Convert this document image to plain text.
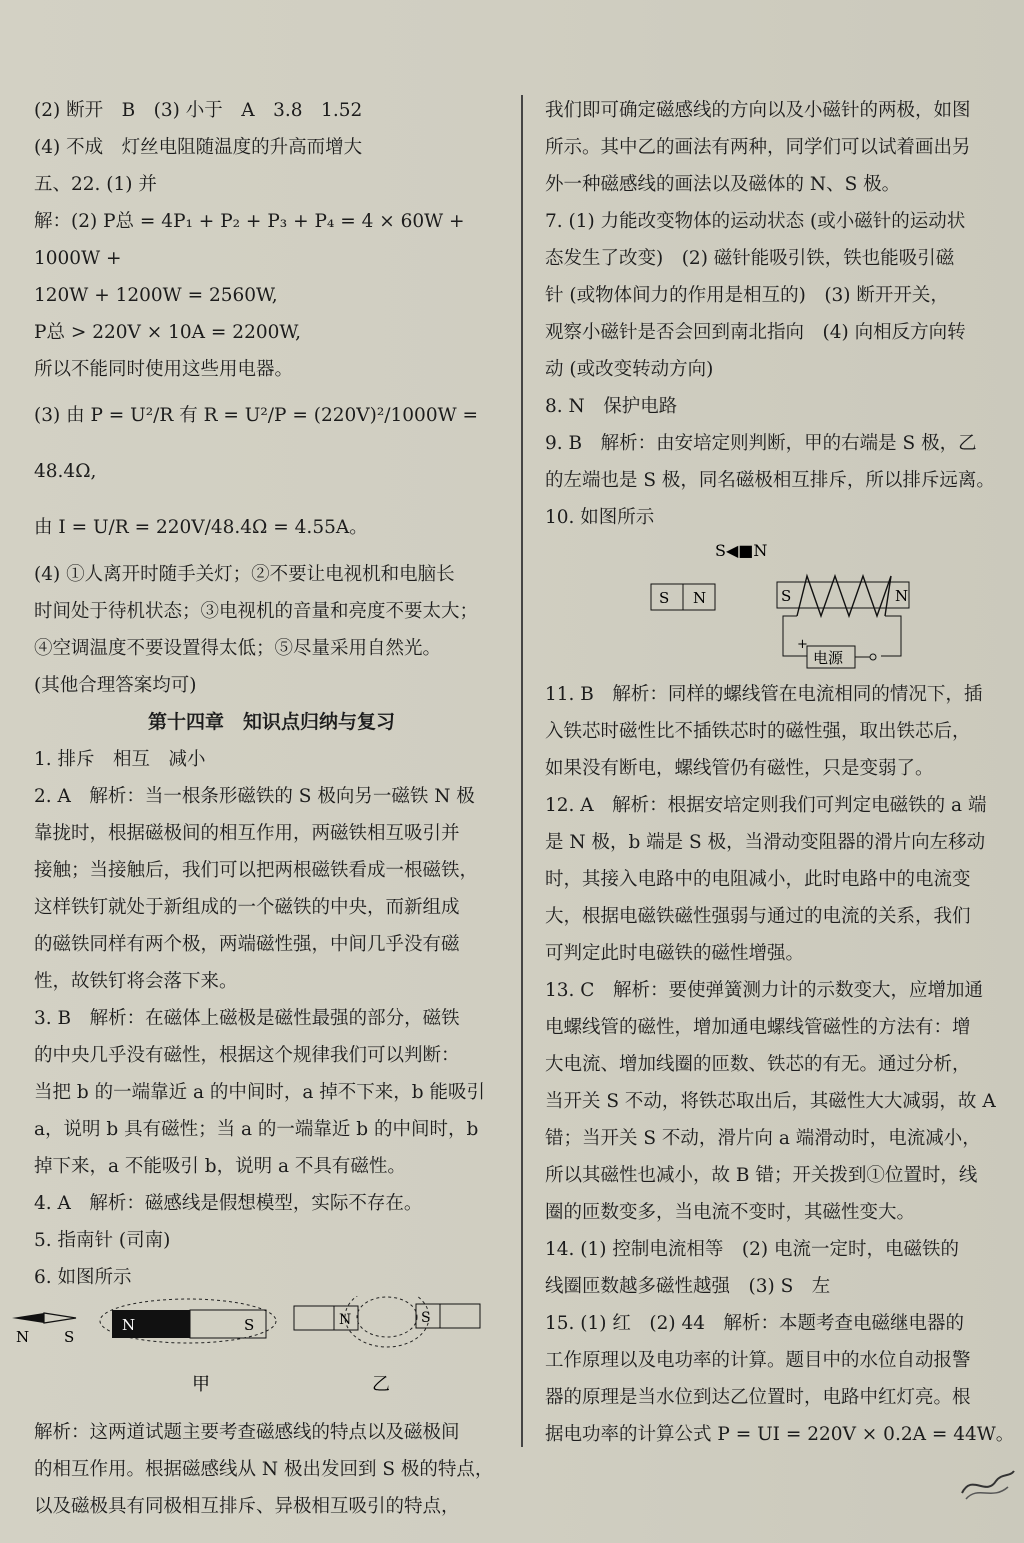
(2) 断开　B　(3) 小于　A　3.8　1.52

(4) 不成　灯丝电阻随温度的升高而增大

五、22. (1) 并

解：(2) P总 = 4P₁ + P₂ + P₃ + P₄ = 4 × 60W + 1000W +

120W + 1200W = 2560W,

P总 > 220V × 10A = 2200W,

所以不能同时使用这些用电器。

(3) 由 P = U²/R 有 R = U²/P = (220V)²/1000W = 48.4Ω,

由 I = U/R = 220V/48.4Ω = 4.55A。

(4) ①人离开时随手关灯；②不要让电视机和电脑长

时间处于待机状态；③电视机的音量和亮度不要太大；

④空调温度不要设置得太低；⑤尽量采用自然光。

(其他合理答案均可)

第十四章　知识点归纳与复习

1. 排斥　相互　减小

2. A　解析：当一根条形磁铁的 S 极向另一磁铁 N 极

靠拢时，根据磁极间的相互作用，两磁铁相互吸引并

接触；当接触后，我们可以把两根磁铁看成一根磁铁，

这样铁钉就处于新组成的一个磁铁的中央，而新组成

的磁铁同样有两个极，两端磁性强，中间几乎没有磁

性，故铁钉将会落下来。

3. B　解析：在磁体上磁极是磁性最强的部分，磁铁

的中央几乎没有磁性，根据这个规律我们可以判断：

当把 b 的一端靠近 a 的中间时，a 掉不下来，b 能吸引

a，说明 b 具有磁性；当 a 的一端靠近 b 的中间时，b

掉下来，a 不能吸引 b，说明 a 不具有磁性。

4. A　解析：磁感线是假想模型，实际不存在。

5. 指南针 (司南)

6. 如图所示

N S
N	S
甲
N	S
乙

解析：这两道试题主要考查磁感线的特点以及磁极间

的相互作用。根据磁感线从 N 极出发回到 S 极的特点，

以及磁极具有同极相互排斥、异极相互吸引的特点，

我们即可确定磁感线的方向以及小磁针的两极，如图

所示。其中乙的画法有两种，同学们可以试着画出另

外一种磁感线的画法以及磁体的 N、S 极。

7. (1) 力能改变物体的运动状态 (或小磁针的运动状

态发生了改变)　(2) 磁针能吸引铁，铁也能吸引磁

针 (或物体间力的作用是相互的)　(3) 断开开关，

观察小磁针是否会回到南北指向　(4) 向相反方向转

动 (或改变转动方向)

8. N　保护电路

9. B　解析：由安培定则判断，甲的右端是 S 极，乙

的左端也是 S 极，同名磁极相互排斥，所以排斥远离。

10. 如图所示

S◀■N
S N	S	N
电源
+

11. B　解析：同样的螺线管在电流相同的情况下，插

入铁芯时磁性比不插铁芯时的磁性强，取出铁芯后，

如果没有断电，螺线管仍有磁性，只是变弱了。

12. A　解析：根据安培定则我们可判定电磁铁的 a 端

是 N 极，b 端是 S 极，当滑动变阻器的滑片向左移动

时，其接入电路中的电阻减小，此时电路中的电流变

大，根据电磁铁磁性强弱与通过的电流的关系，我们

可判定此时电磁铁的磁性增强。

13. C　解析：要使弹簧测力计的示数变大，应增加通

电螺线管的磁性，增加通电螺线管磁性的方法有：增

大电流、增加线圈的匝数、铁芯的有无。通过分析，

当开关 S 不动，将铁芯取出后，其磁性大大减弱，故 A

错；当开关 S 不动，滑片向 a 端滑动时，电流减小，

所以其磁性也减小，故 B 错；开关拨到①位置时，线

圈的匝数变多，当电流不变时，其磁性变大。

14. (1) 控制电流相等　(2) 电流一定时，电磁铁的

线圈匝数越多磁性越强　(3) S　左

15. (1) 红　(2) 44　解析：本题考查电磁继电器的

工作原理以及电功率的计算。题目中的水位自动报警

器的原理是当水位到达乙位置时，电路中红灯亮。根

据电功率的计算公式 P = UI = 220V × 0.2A = 44W。
